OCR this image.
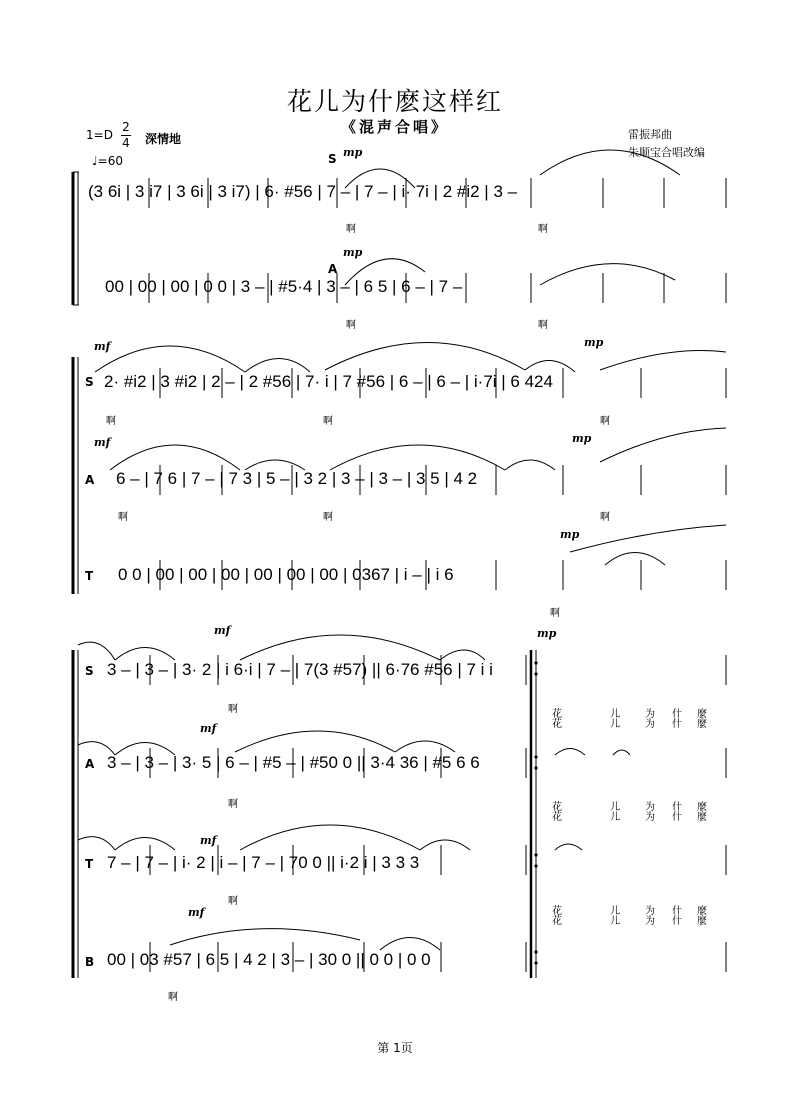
花儿为什麽这样红
《混声合唱》	雷振邦曲
朱顺宝合唱改编
1=D
2
4 深情地
♩=60	S
A
mp
mp
(3 6i | 3 i7 | 3 6i | 3 i7) | 6· #56 | 7 – | 7 – | i· 7i | 2 #i2 | 3 –
00 | 00 | 00 | 0 0 | 3 – | #5·4 | 3 – | 6 5 | 6 – | 7 –
啊	啊
啊	啊
mf	mp
S 2· #i2 | 3 #i2 | 2 – | 2 #56 | 7· i | 7 #56 | 6 – | 6 – | i·7i | 6 424
啊	啊	啊
mf	mp
A 6 – | 7 6 | 7 – | 7 3 | 5 – | 3 2 | 3 – | 3 – | 3 5 | 4 2
啊	啊	啊
mp
T 0 0 | 00 | 00 | 00 | 00 | 00 | 00 | 0367 | i – | i 6
啊
mf	mp
S 3 – | 3 – | 3· 2 | i 6·i | 7 – | 7(3 #57) || 6·76 #56 | 7 i i
啊
mf
A 3 – | 3 – | 3· 5 | 6 – | #5 – | #50 0 || 3·4 36 | #5 6 6
啊
mf
T 7 – | 7 – | i· 2 | i – | 7 – | 70 0 || i·2 i | 3 3 3
啊
mf
B 00 | 03 #57 | 6 5 | 4 2 | 3 – | 30 0 || 0 0 | 0 0
啊
花
花
儿
儿
为
为
什
什
麼
麼
花
花
儿
儿
为
为
什
什
麼
麼
花
花
儿
儿
为
为
什
什
麼
麼
第 1页
